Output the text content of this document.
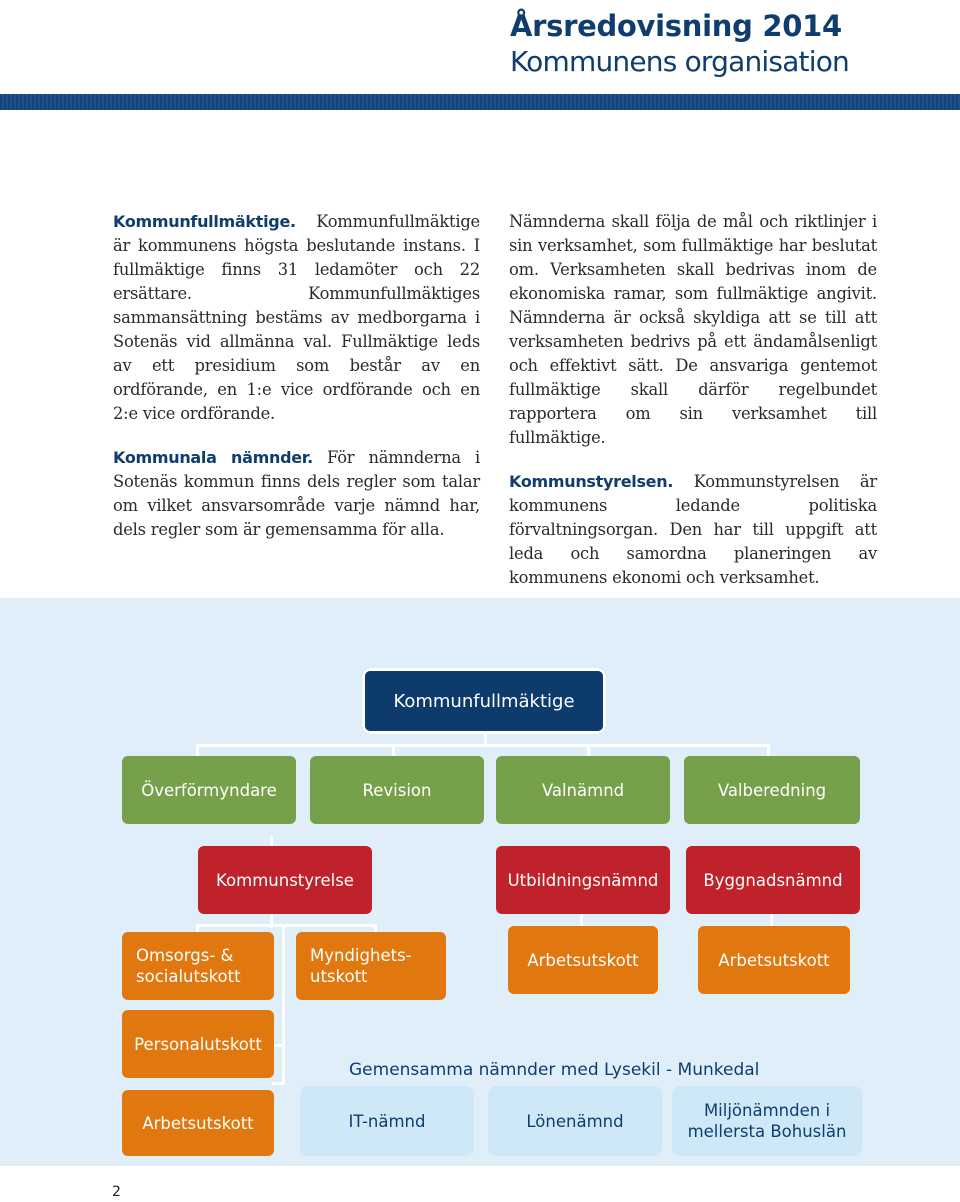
Årsredovisning 2014
Kommunens organisation

Kommunfullmäktige. Kommunfullmäktige är kommunens högsta beslutande instans. I fullmäktige finns 31 ledamöter och 22 ersättare. Kommunfullmäktiges sammansättning bestäms av medborgarna i Sotenäs vid allmänna val. Fullmäktige leds av ett presidium som består av en ordförande, en 1:e vice ordförande och en 2:e vice ordförande.

Kommunala nämnder. För nämnderna i Sotenäs kommun finns dels regler som talar om vilket ansvarsområde varje nämnd har, dels regler som är gemensamma för alla.

Nämnderna skall följa de mål och riktlinjer i sin verksamhet, som fullmäktige har beslutat om. Verksamheten skall bedrivas inom de ekonomiska ramar, som fullmäktige angivit. Nämnderna är också skyldiga att se till att verksamheten bedrivs på ett ändamålsenligt och effektivt sätt. De ansvariga gentemot fullmäktige skall därför regelbundet rapportera om sin verksamhet till fullmäktige.

Kommunstyrelsen. Kommunstyrelsen är kommunens ledande politiska förvaltningsorgan. Den har till uppgift att leda och samordna planeringen av kommunens ekonomi och verksamhet.

Kommunfullmäktige
Överförmyndare	Revision	Valnämnd	Valberedning
Kommunstyrelse	Utbildningsnämnd	Byggnadsnämnd
Omsorgs- & socialutskott
Myndighets- utskott
Arbetsutskott	Arbetsutskott
Personalutskott
Arbetsutskott
Gemensamma nämnder med Lysekil - Munkedal
IT-nämnd	Lönenämnd
Miljönämnden i mellersta Bohuslän
2
